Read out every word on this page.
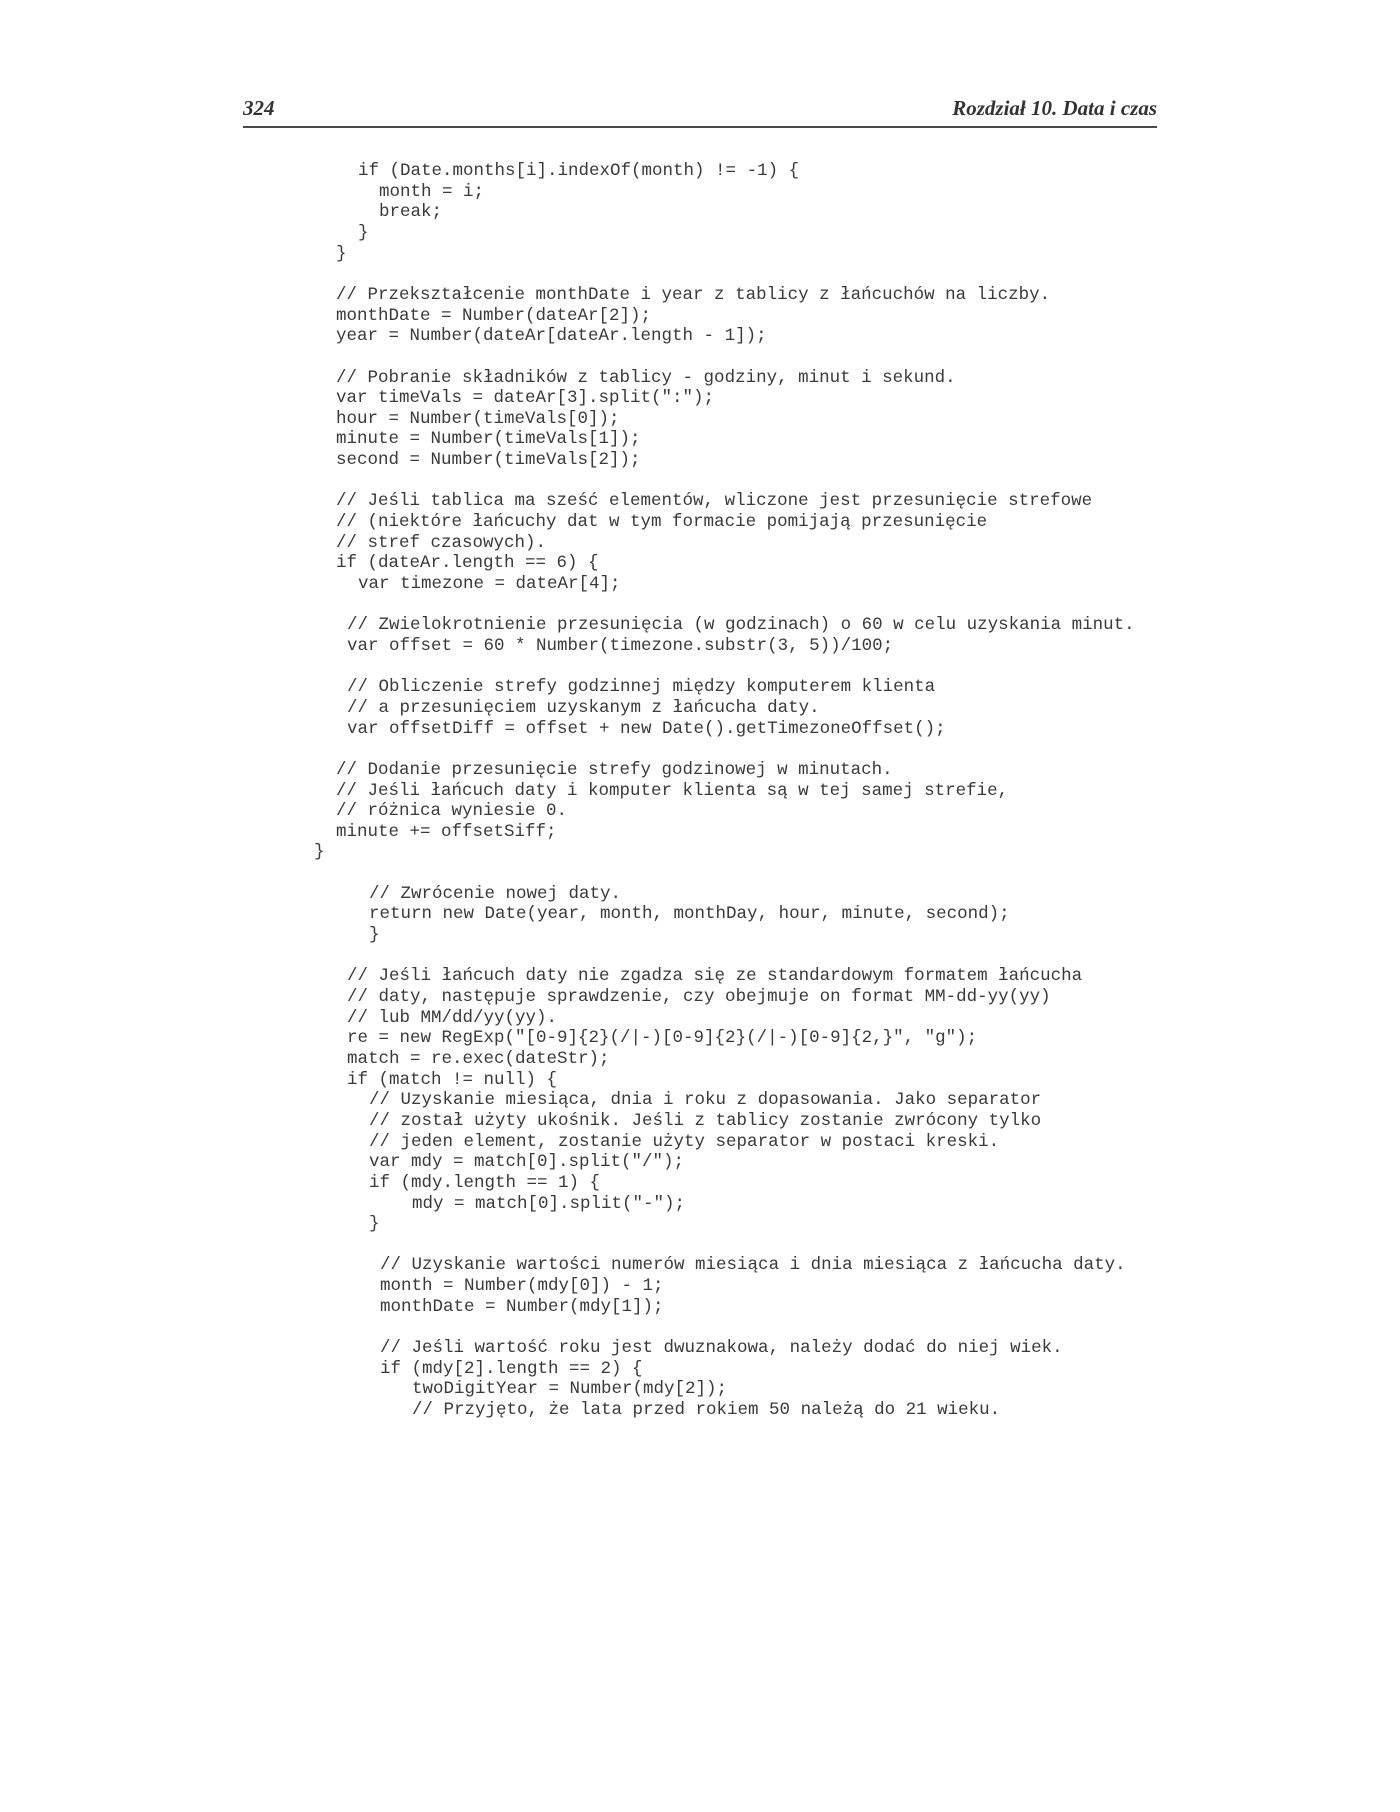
324	Rozdział 10. Data i czas
if (Date.months[i].indexOf(month) != -1) {
month = i;
break;
}
}
// Przekształcenie monthDate i year z tablicy z łańcuchów na liczby.
monthDate = Number(dateAr[2]);
year = Number(dateAr[dateAr.length - 1]);
// Pobranie składników z tablicy - godziny, minut i sekund.
var timeVals = dateAr[3].split(":");
hour = Number(timeVals[0]);
minute = Number(timeVals[1]);
second = Number(timeVals[2]);
// Jeśli tablica ma sześć elementów, wliczone jest przesunięcie strefowe
// (niektóre łańcuchy dat w tym formacie pomijają przesunięcie
// stref czasowych).
if (dateAr.length == 6) {
var timezone = dateAr[4];
// Zwielokrotnienie przesunięcia (w godzinach) o 60 w celu uzyskania minut.
var offset = 60 * Number(timezone.substr(3, 5))/100;
// Obliczenie strefy godzinnej między komputerem klienta
// a przesunięciem uzyskanym z łańcucha daty.
var offsetDiff = offset + new Date().getTimezoneOffset();
// Dodanie przesunięcie strefy godzinowej w minutach.
// Jeśli łańcuch daty i komputer klienta są w tej samej strefie,
// różnica wyniesie 0.
minute += offsetSiff;
}
// Zwrócenie nowej daty.
return new Date(year, month, monthDay, hour, minute, second);
}
// Jeśli łańcuch daty nie zgadza się ze standardowym formatem łańcucha
// daty, następuje sprawdzenie, czy obejmuje on format MM-dd-yy(yy)
// lub MM/dd/yy(yy).
re = new RegExp("[0-9]{2}(/|-)[0-9]{2}(/|-)[0-9]{2,}", "g");
match = re.exec(dateStr);
if (match != null) {
// Uzyskanie miesiąca, dnia i roku z dopasowania. Jako separator
// został użyty ukośnik. Jeśli z tablicy zostanie zwrócony tylko
// jeden element, zostanie użyty separator w postaci kreski.
var mdy = match[0].split("/");
if (mdy.length == 1) {
mdy = match[0].split("-");
}
// Uzyskanie wartości numerów miesiąca i dnia miesiąca z łańcucha daty.
month = Number(mdy[0]) - 1;
monthDate = Number(mdy[1]);
// Jeśli wartość roku jest dwuznakowa, należy dodać do niej wiek.
if (mdy[2].length == 2) {
twoDigitYear = Number(mdy[2]);
// Przyjęto, że lata przed rokiem 50 należą do 21 wieku.
